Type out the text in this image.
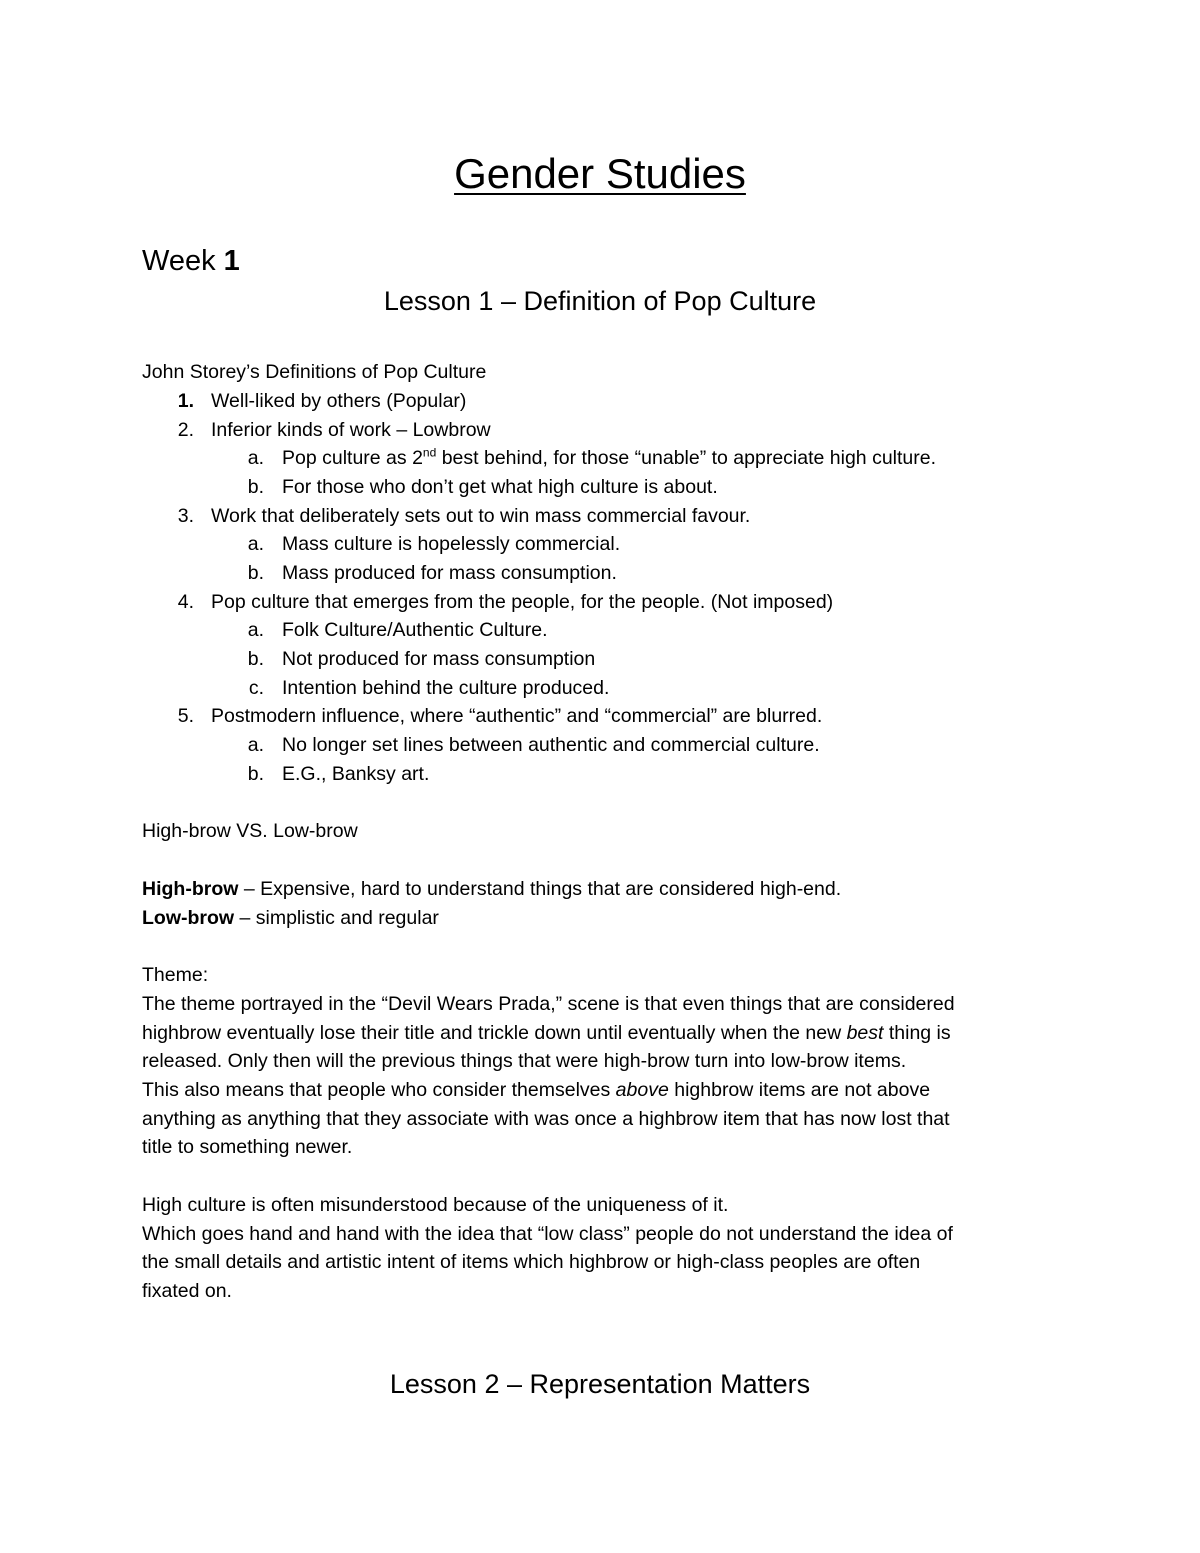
Gender Studies
Week 1
Lesson 1 – Definition of Pop Culture
John Storey’s Definitions of Pop Culture
1. Well-liked by others (Popular)
2. Inferior kinds of work – Lowbrow
a. Pop culture as 2nd best behind, for those “unable” to appreciate high culture.
b. For those who don’t get what high culture is about.
3. Work that deliberately sets out to win mass commercial favour.
a. Mass culture is hopelessly commercial.
b. Mass produced for mass consumption.
4. Pop culture that emerges from the people, for the people. (Not imposed)
a. Folk Culture/Authentic Culture.
b. Not produced for mass consumption
c. Intention behind the culture produced.
5. Postmodern influence, where “authentic” and “commercial” are blurred.
a. No longer set lines between authentic and commercial culture.
b. E.G., Banksy art.
High-brow VS. Low-brow
High-brow – Expensive, hard to understand things that are considered high-end.
Low-brow – simplistic and regular
Theme:
The theme portrayed in the “Devil Wears Prada,” scene is that even things that are considered
highbrow eventually lose their title and trickle down until eventually when the new best thing is
released. Only then will the previous things that were high-brow turn into low-brow items.
This also means that people who consider themselves above highbrow items are not above
anything as anything that they associate with was once a highbrow item that has now lost that
title to something newer.
High culture is often misunderstood because of the uniqueness of it.
Which goes hand and hand with the idea that “low class” people do not understand the idea of
the small details and artistic intent of items which highbrow or high-class peoples are often
fixated on.
Lesson 2 – Representation Matters
